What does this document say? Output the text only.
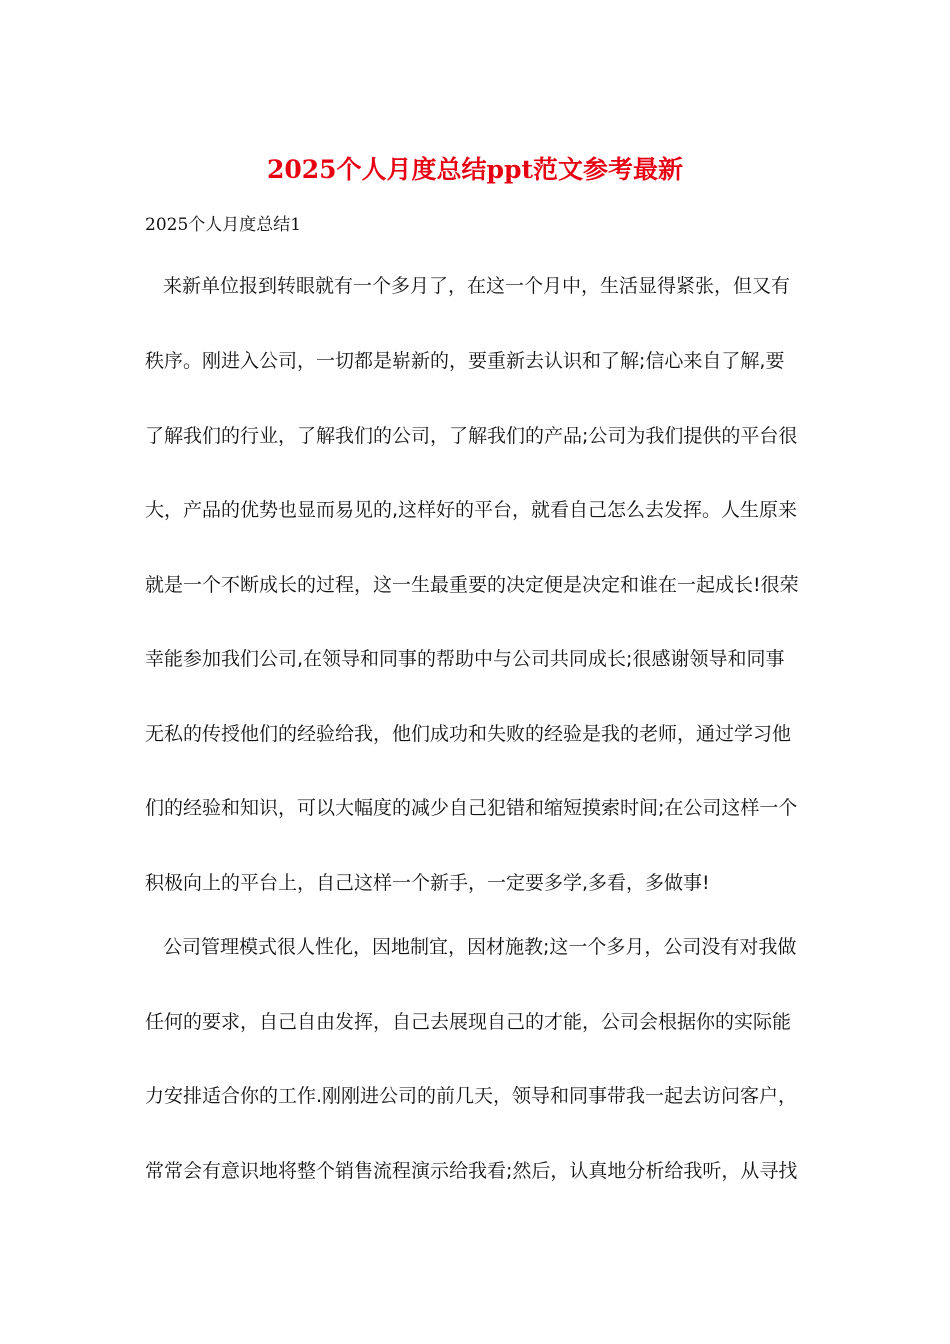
2025个人月度总结ppt范文参考最新

2025个人月度总结1

来新单位报到转眼就有一个多月了，在这一个月中，生活显得紧张，但又有

秩序。刚进入公司，一切都是崭新的，要重新去认识和了解;信心来自了解,要

了解我们的行业，了解我们的公司，了解我们的产品;公司为我们提供的平台很

大，产品的优势也显而易见的,这样好的平台，就看自己怎么去发挥。人生原来

就是一个不断成长的过程，这一生最重要的决定便是决定和谁在一起成长!很荣

幸能参加我们公司,在领导和同事的帮助中与公司共同成长;很感谢领导和同事

无私的传授他们的经验给我，他们成功和失败的经验是我的老师，通过学习他

们的经验和知识，可以大幅度的减少自己犯错和缩短摸索时间;在公司这样一个

积极向上的平台上，自己这样一个新手，一定要多学,多看，多做事!

公司管理模式很人性化，因地制宜，因材施教;这一个多月，公司没有对我做

任何的要求，自己自由发挥，自己去展现自己的才能，公司会根据你的实际能

力安排适合你的工作.刚刚进公司的前几天，领导和同事带我一起去访问客户，

常常会有意识地将整个销售流程演示给我看;然后，认真地分析给我听，从寻找
